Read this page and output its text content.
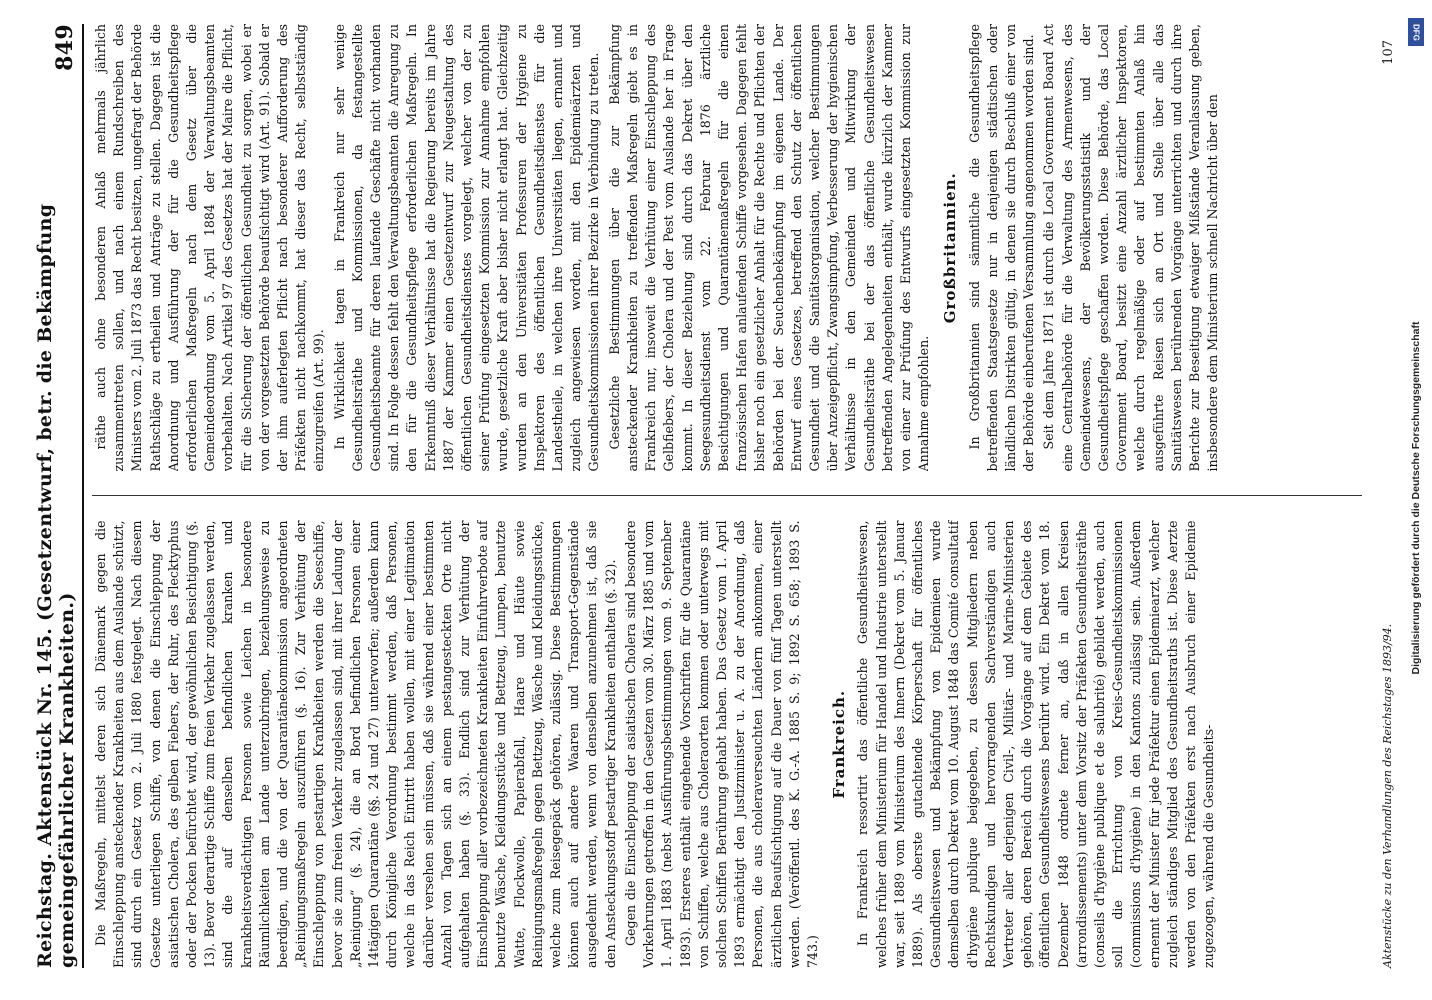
Reichstag. Aktenstück Nr. 145. (Gesetzentwurf, betr. die Bekämpfung gemeingefährlicher Krankheiten.)
849

Die Maßregeln, mittelst deren sich Dänemark gegen die Einschleppung ansteckender Krankheiten aus dem Auslande schützt, sind durch ein Gesetz vom 2. Juli 1880 festgelegt. Nach diesem Gesetze unterliegen Schiffe, von denen die Einschleppung der asiatischen Cholera, des gelben Fiebers, der Ruhr, des Flecktyphus oder der Pocken befürchtet wird, der gewöhnlichen Besichtigung (§. 13). Bevor derartige Schiffe zum freien Verkehr zugelassen werden, sind die auf denselben befindlichen kranken und krankheitsverdächtigen Personen sowie Leichen in besondere Räumlichkeiten am Lande unterzubringen, beziehungsweise zu beerdigen, und die von der Quarantänekommission angeordneten „Reinigungsmaßregeln auszuführen (§. 16). Zur Verhütung der Einschleppung von pestartigen Krankheiten werden die Seeschiffe, bevor sie zum freien Verkehr zugelassen sind, mit ihrer Ladung der „Reinigung“ (§. 24), die an Bord befindlichen Personen einer 14tägigen Quarantäne (§§. 24 und 27) unterworfen; außerdem kann durch Königliche Verordnung bestimmt werden, daß Personen, welche in das Reich Eintritt haben wollen, mit einer Legitimation darüber versehen sein müssen, daß sie während einer bestimmten Anzahl von Tagen sich an einem pestangesteckten Orte nicht aufgehalten haben (§. 33). Endlich sind zur Verhütung der Einschleppung aller vorbezeichneten Krankheiten Einfuhrverbote auf benutzte Wäsche, Kleidungsstücke und Bettzeug, Lumpen, benutzte Watte, Flockwolle, Papierabfall, Haare und Häute sowie Reinigungsmaßregeln gegen Bettzeug, Wäsche und Kleidungsstücke, welche zum Reisegepäck gehören, zulässig. Diese Bestimmungen können auch auf andere Waaren und Transport-Gegenstände ausgedehnt werden, wenn von denselben anzunehmen ist, daß sie den Ansteckungsstoff pestartiger Krankheiten enthalten (§. 32). Gegen die Einschleppung der asiatischen Cholera sind besondere Vorkehrungen getroffen in den Gesetzen vom 30. März 1885 und vom 1. April 1883 (nebst Ausführungsbestimmungen vom 9. September 1893). Ersteres enthält eingehende Vorschriften für die Quarantäne von Schiffen, welche aus Choleraorten kommen oder unterwegs mit solchen Schiffen Berührung gehabt haben. Das Gesetz vom 1. April 1893 ermächtigt den Justizminister u. A. zu der Anordnung, daß Personen, die aus choleraverseuchten Ländern ankommen, einer ärztlichen Beaufsichtigung auf die Dauer von fünf Tagen unterstellt werden. (Veröffentl. des K. G.-A. 1885 S. 9; 1892 S. 658; 1893 S. 743.)

Frankreich. In Frankreich ressortirt das öffentliche Gesundheitswesen, welches früher dem Ministerium für Handel und Industrie unterstellt war, seit 1889 vom Ministerium des Innern (Dekret vom 5. Januar 1889). Als oberste gutachtende Körperschaft für öffentliches Gesundheitswesen und Bekämpfung von Epidemieen wurde demselben durch Dekret vom 10. August 1848 das Comité consultatif d'hygiène publique beigegeben, zu dessen Mitgliedern neben Rechtskundigen und hervorragenden Sachverständigen auch Vertreter aller derjenigen Civil-, Militär- und Marine-Ministerien gehören, deren Bereich durch die Vorgänge auf dem Gebiete des öffentlichen Gesundheitswesens berührt wird. Ein Dekret vom 18. Dezember 1848 ordnete ferner an, daß in allen Kreisen (arrondissements) unter dem Vorsitz der Präfekten Gesundheitsräthe (conseils d'hygiène publique et de salubrité) gebildet werden, auch soll die Errichtung von Kreis-Gesundheitskommissionen (commissions d'hygiène) in den Kantons zulässig sein. Außerdem ernennt der Minister für jede Präfektur einen Epidemiearzt, welcher zugleich ständiges Mitglied des Gesundheitsraths ist. Diese Aerzte werden von den Präfekten erst nach Ausbruch einer Epidemie zugezogen, während die Gesundheits-

räthe auch ohne besonderen Anlaß mehrmals jährlich zusammentreten sollen, und nach einem Rundschreiben des Ministers vom 2. Juli 1873 das Recht besitzen, ungefragt der Behörde Rathschläge zu ertheilen und Anträge zu stellen. Dagegen ist die Anordnung und Ausführung der für die Gesundheitspflege erforderlichen Maßregeln nach dem Gesetz über die Gemeindeordnung vom 5. April 1884 der Verwaltungsbeamten vorbehalten. Nach Artikel 97 des Gesetzes hat der Maire die Pflicht, für die Sicherung der öffentlichen Gesundheit zu sorgen, wobei er von der vorgesetzten Behörde beaufsichtigt wird (Art. 91). Sobald er der ihm auferlegten Pflicht nach besonderer Aufforderung des Präfekten nicht nachkommt, hat dieser das Recht, selbstständig einzugreifen (Art. 99). In Wirklichkeit tagen in Frankreich nur sehr wenige Gesundheitsräthe und Kommissionen, da festangestellte Gesundheitsbeamte für deren laufende Geschäfte nicht vorhanden sind. In Folge dessen fehlt den Verwaltungsbeamten die Anregung zu den für die Gesundheitspflege erforderlichen Maßregeln. In Erkenntniß dieser Verhältnisse hat die Regierung bereits im Jahre 1887 der Kammer einen Gesetzentwurf zur Neugestaltung des öffentlichen Gesundheitsdienstes vorgelegt, welcher von der zu seiner Prüfung eingesetzten Kommission zur Annahme empfohlen wurde, gesetzliche Kraft aber bisher nicht erlangt hat. Gleichzeitig wurden an den Universitäten Professuren der Hygiene zu Inspektoren des öffentlichen Gesundheitsdienstes für die Landestheile, in welchen ihre Universitäten liegen, ernannt und zugleich angewiesen worden, mit den Epidemieärzten und Gesundheitskommissionen ihrer Bezirke in Verbindung zu treten. Gesetzliche Bestimmungen über die zur Bekämpfung ansteckender Krankheiten zu treffenden Maßregeln giebt es in Frankreich nur, insoweit die Verhütung einer Einschleppung des Gelbfiebers, der Cholera und der Pest vom Auslande her in Frage kommt. In dieser Beziehung sind durch das Dekret über den Seegesundheitsdienst vom 22. Februar 1876 ärztliche Besichtigungen und Quarantänemaßregeln für die einen französischen Hafen anlaufenden Schiffe vorgesehen. Dagegen fehlt bisher noch ein gesetzlicher Anhalt für die Rechte und Pflichten der Behörden bei der Seuchenbekämpfung im eigenen Lande. Der Entwurf eines Gesetzes, betreffend den Schutz der öffentlichen Gesundheit und die Sanitätsorganisation, welcher Bestimmungen über Anzeigepflicht, Zwangsimpfung, Verbesserung der hygienischen Verhältnisse in den Gemeinden und Mitwirkung der Gesundheitsräthe bei der das öffentliche Gesundheitswesen betreffenden Angelegenheiten enthält, wurde kürzlich der Kammer von einer zur Prüfung des Entwurfs eingesetzten Kommission zur Annahme empfohlen.

Großbritannien. In Großbritannien sind sämmtliche die Gesundheitspflege betreffenden Staatsgesetze nur in denjenigen städtischen oder ländlichen Distrikten gültig, in denen sie durch Beschluß einer von der Behörde einberufenen Versammlung angenommen worden sind. Seit dem Jahre 1871 ist durch die Local Government Board Act eine Centralbehörde für die Verwaltung des Armenwesens, des Gemeindewesens, der Bevölkerungsstatistik und der Gesundheitspflege geschaffen worden. Diese Behörde, das Local Government Board, besitzt eine Anzahl ärztlicher Inspektoren, welche durch regelmäßige oder auf bestimmten Anlaß hin ausgeführte Reisen sich an Ort und Stelle über alle das Sanitätswesen berührenden Vorgänge unterrichten und durch ihre Berichte zur Beseitigung etwaiger Mißstände Veranlassung geben, insbesondere dem Ministerium schnell Nachricht über den

Aktenstücke zu den Verhandlungen des Reichstages 1893/94.
107
DFG
Digitalisierung gefördert durch die Deutsche Forschungsgemeinschaft
